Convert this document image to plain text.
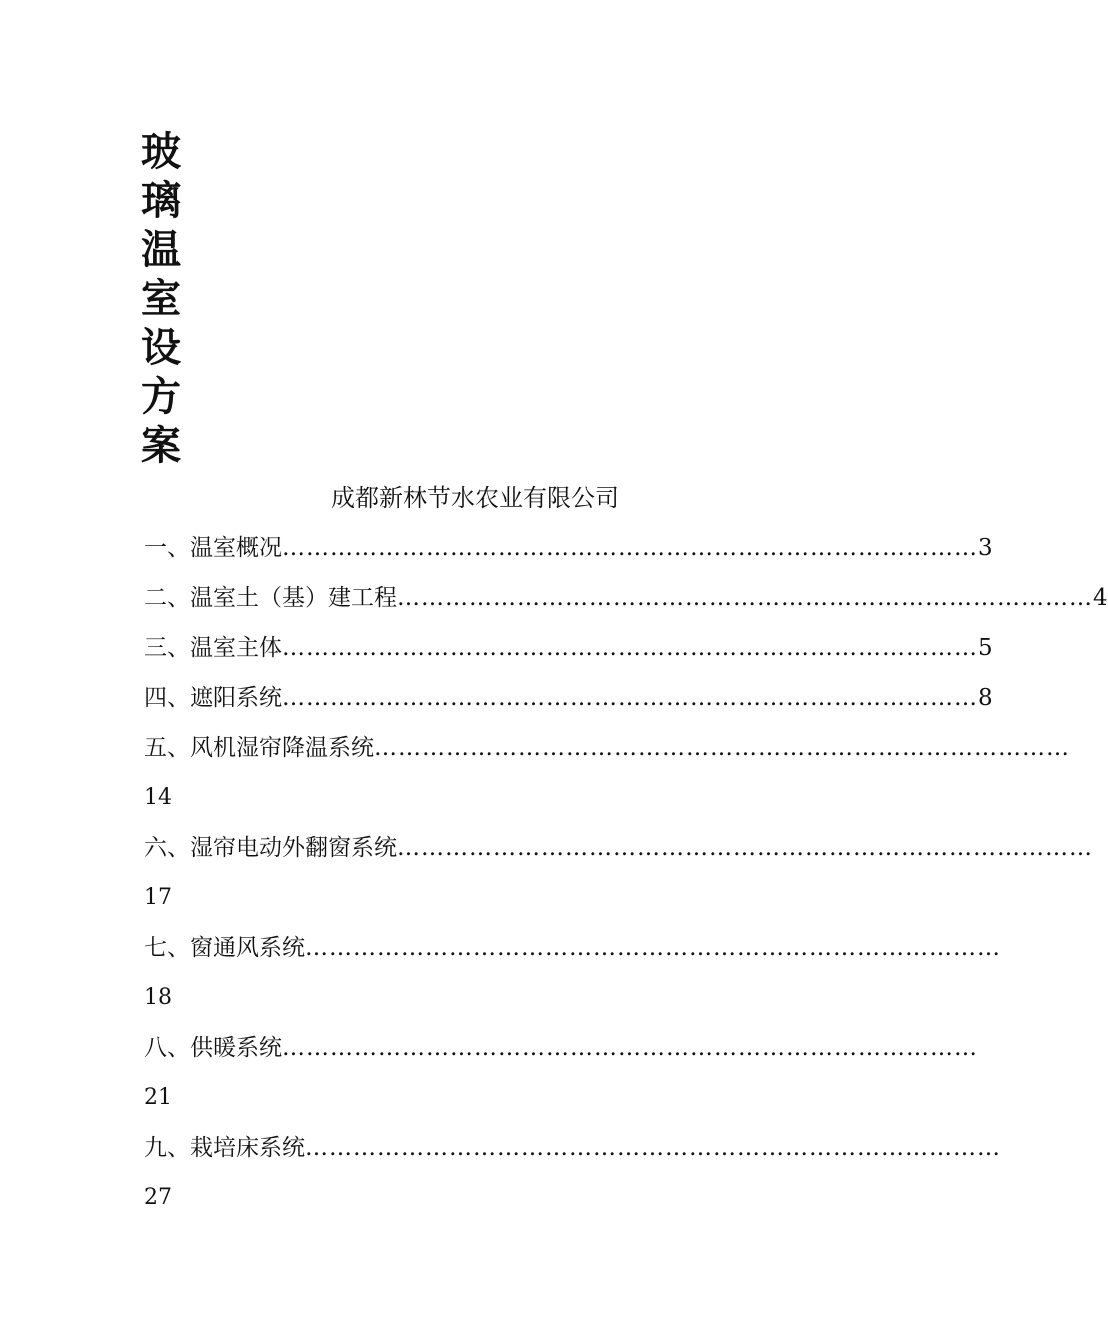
玻
璃
温
室
设
方
案
成都新林节水农业有限公司
一、温室概况 …………………………………………………………………………… 3
二、温室土（基）建工程 …………………………………………………………………………… 4
三、温室主体 …………………………………………………………………………… 5
四、遮阳系统 …………………………………………………………………………… 8
五、风机湿帘降温系统 ……………………………………………………………………………
14
六、湿帘电动外翻窗系统 ……………………………………………………………………………
17
七、窗通风系统 ……………………………………………………………………………
18
八、供暖系统 ……………………………………………………………………………
21
九、栽培床系统 ……………………………………………………………………………
27
